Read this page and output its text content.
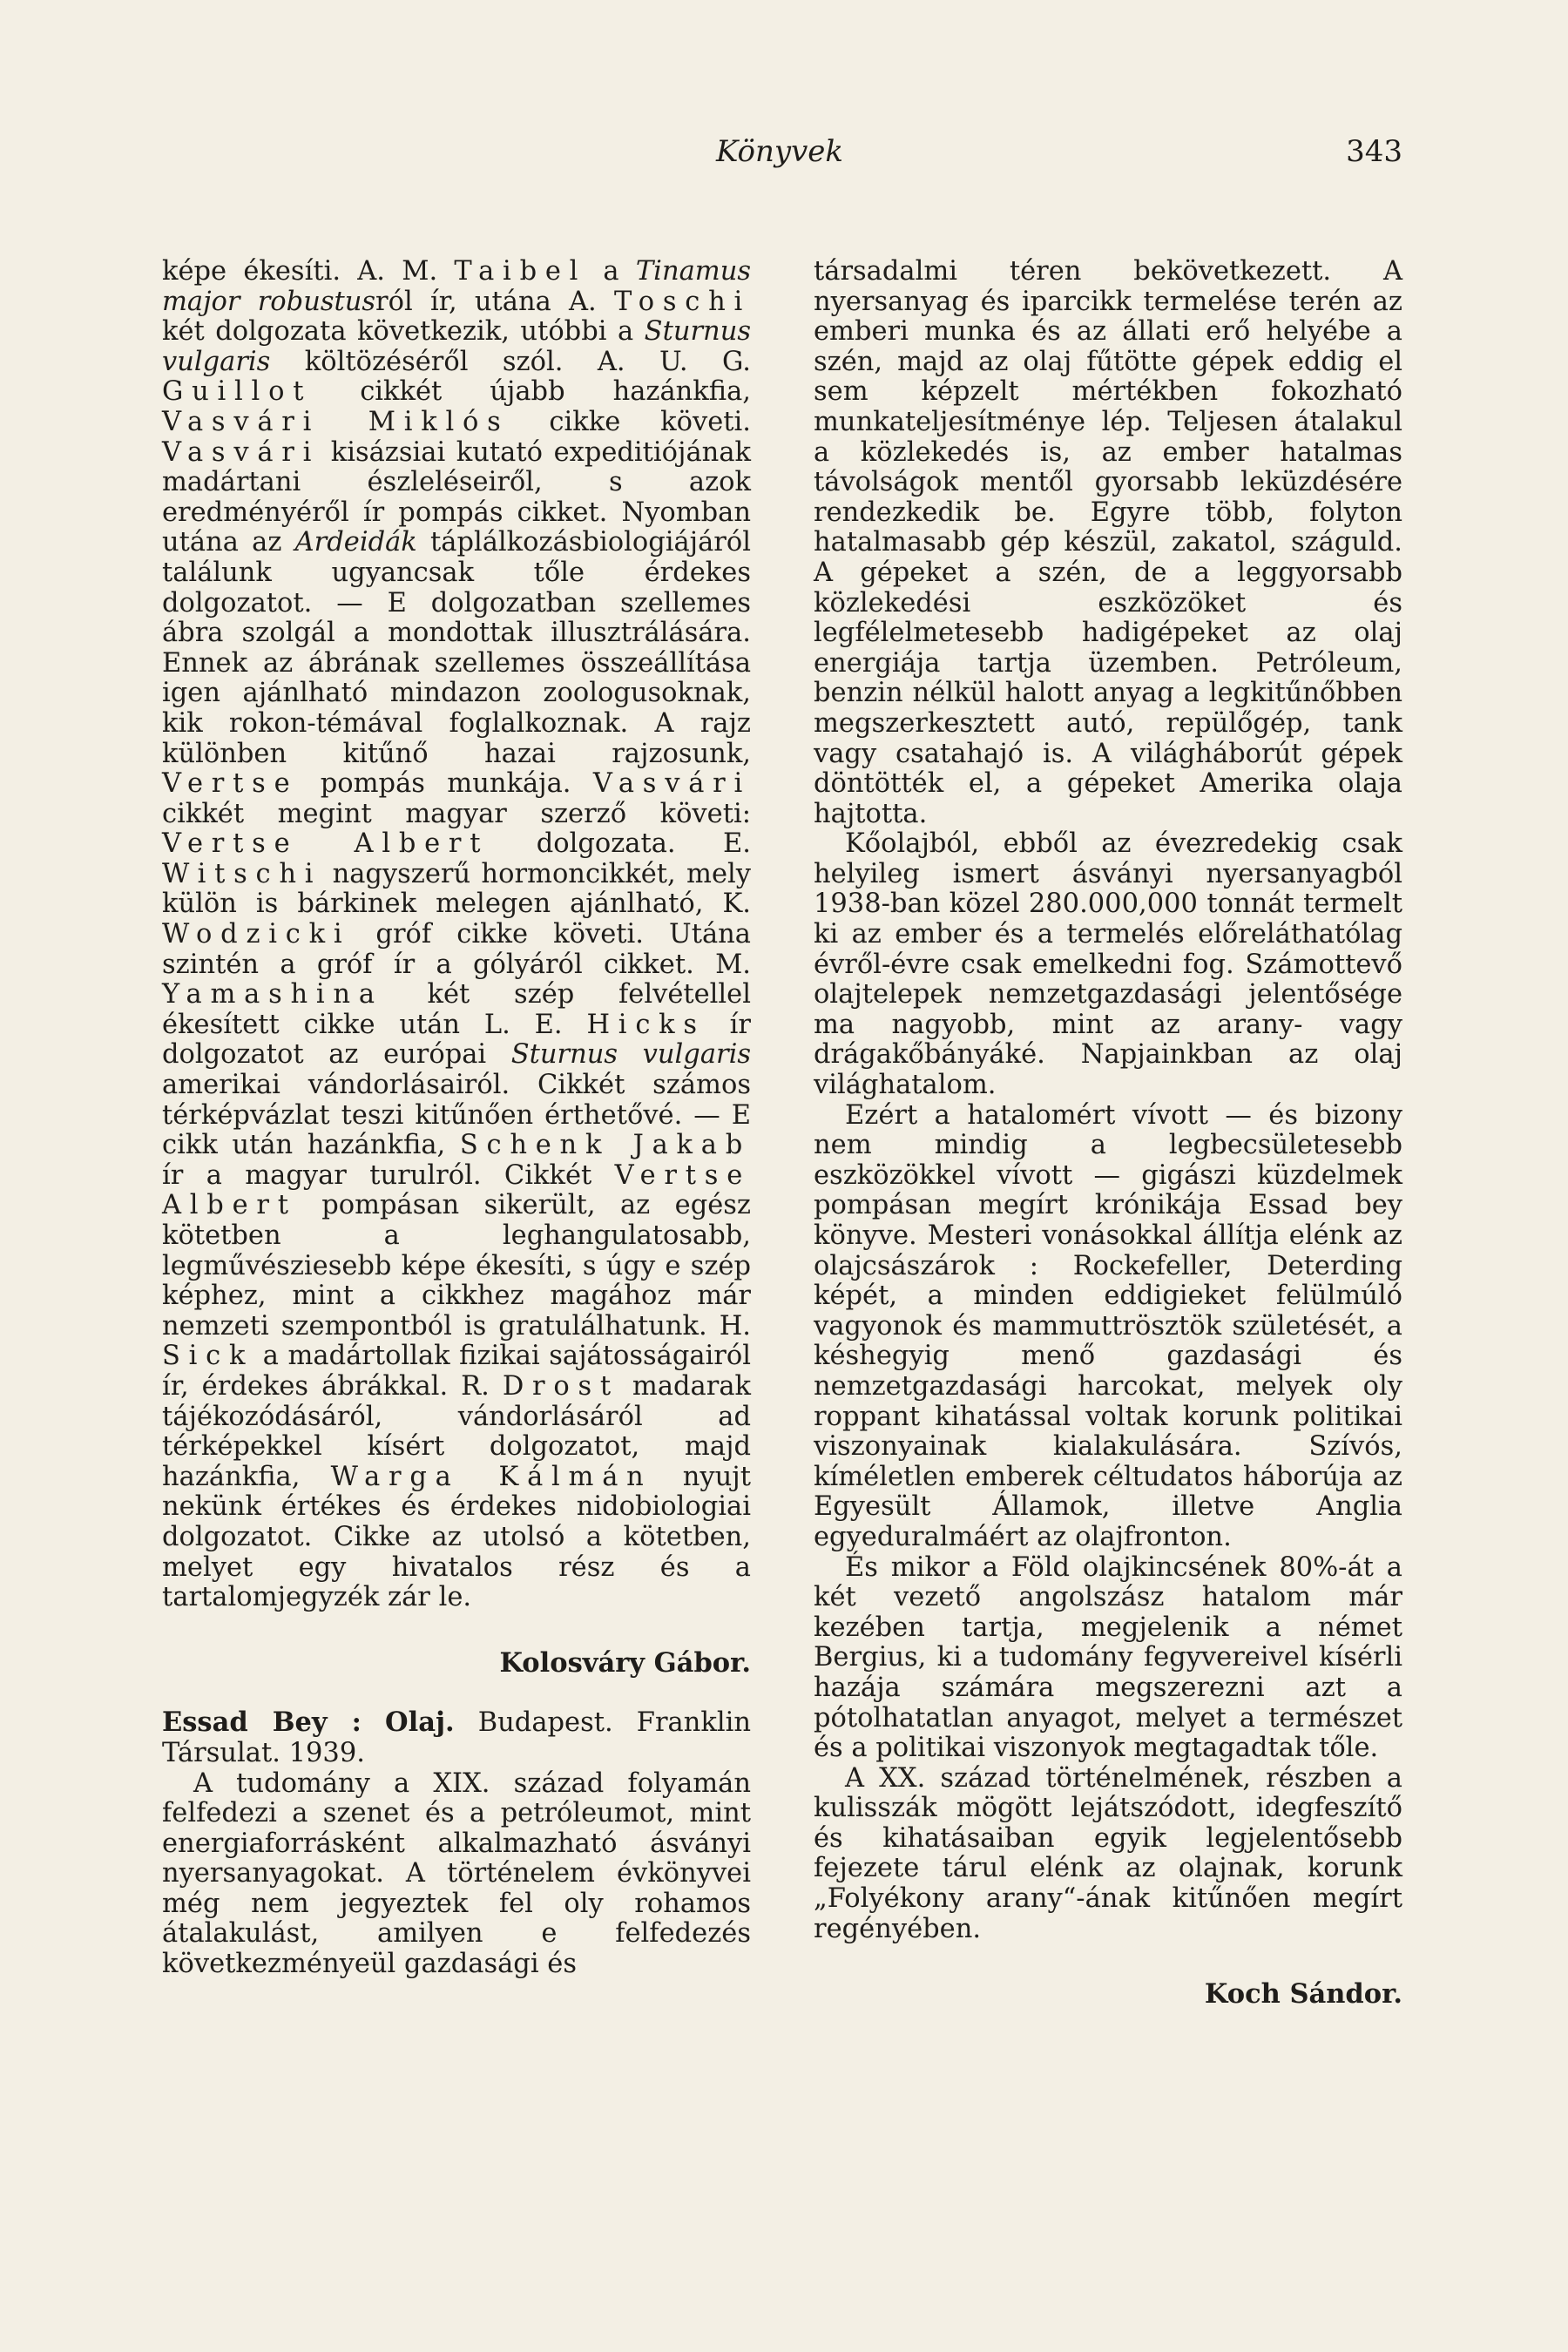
Könyvek	343

képe ékesíti. A. M. Taibel a Tinamus major robustusról ír, utána A. Toschi két dolgozata következik, utóbbi a Sturnus vulgaris költözéséről szól. A. U. G. Guillot cikkét újabb hazánkfia, Vasvári Miklós cikke követi. Vasvári kisázsiai kutató expeditiójának madártani észleléseiről, s azok eredményéről ír pompás cikket. Nyomban utána az Ardeidák táplálkozásbiologiájáról találunk ugyancsak tőle érdekes dolgozatot. — E dolgozatban szellemes ábra szolgál a mondottak illusztrálására. Ennek az ábrának szellemes összeállítása igen ajánlható mindazon zoologusoknak, kik rokon-témával foglalkoznak. A rajz különben kitűnő hazai rajzosunk, Vertse pompás munkája. Vasvári cikkét megint magyar szerző követi: Vertse Albert dolgozata. E. Witschi nagyszerű hormoncikkét, mely külön is bárkinek melegen ajánlható, K. Wodzicki gróf cikke követi. Utána szintén a gróf ír a gólyáról cikket. M. Yamashina két szép felvétellel ékesített cikke után L. E. Hicks ír dolgozatot az európai Sturnus vulgaris amerikai vándorlásairól. Cikkét számos térképvázlat teszi kitűnően érthetővé. — E cikk után hazánkfia, Schenk Jakab ír a magyar turulról. Cikkét Vertse Albert pompásan sikerült, az egész kötetben a leghangulatosabb, legművésziesebb képe ékesíti, s úgy e szép képhez, mint a cikkhez magához már nemzeti szempontból is gratulálhatunk. H. Sick a madártollak fizikai sajátosságairól ír, érdekes ábrákkal. R. Drost madarak tájékozódásáról, vándorlásáról ad térképekkel kísért dolgozatot, majd hazánkfia, Warga Kálmán nyujt nekünk értékes és érdekes nidobiologiai dolgozatot. Cikke az utolsó a kötetben, melyet egy hivatalos rész és a tartalomjegyzék zár le.

Kolosváry Gábor.

Essad Bey : Olaj. Budapest. Franklin Társulat. 1939.

A tudomány a XIX. század folyamán felfedezi a szenet és a petróleumot, mint energiaforrásként alkalmazható ásványi nyersanyagokat. A történelem évkönyvei még nem jegyeztek fel oly rohamos átalakulást, amilyen e felfedezés következményeül gazdasági és

társadalmi téren bekövetkezett. A nyersanyag és iparcikk termelése terén az emberi munka és az állati erő helyébe a szén, majd az olaj fűtötte gépek eddig el sem képzelt mértékben fokozható munkateljesítménye lép. Teljesen átalakul a közlekedés is, az ember hatalmas távolságok mentől gyorsabb leküzdésére rendezkedik be. Egyre több, folyton hatalmasabb gép készül, zakatol, száguld. A gépeket a szén, de a leggyorsabb közlekedési eszközöket és legfélelmetesebb hadigépeket az olaj energiája tartja üzemben. Petróleum, benzin nélkül halott anyag a legkitűnőbben megszerkesztett autó, repülőgép, tank vagy csatahajó is. A világháborút gépek döntötték el, a gépeket Amerika olaja hajtotta.

Kőolajból, ebből az évezredekig csak helyileg ismert ásványi nyersanyagból 1938-ban közel 280.000,000 tonnát termelt ki az ember és a termelés előreláthatólag évről-évre csak emelkedni fog. Számottevő olajtelepek nemzetgazdasági jelentősége ma nagyobb, mint az arany- vagy drágakőbányáké. Napjainkban az olaj világhatalom.

Ezért a hatalomért vívott — és bizony nem mindig a legbecsületesebb eszközökkel vívott — gigászi küzdelmek pompásan megírt krónikája Essad bey könyve. Mesteri vonásokkal állítja elénk az olajcsászárok : Rockefeller, Deterding képét, a minden eddigieket felülmúló vagyonok és mammuttrösztök születését, a késhegyig menő gazdasági és nemzetgazdasági harcokat, melyek oly roppant kihatással voltak korunk politikai viszonyainak kialakulására. Szívós, kíméletlen emberek céltudatos háborúja az Egyesült Államok, illetve Anglia egyeduralmáért az olajfronton.

És mikor a Föld olajkincsének 80%-át a két vezető angolszász hatalom már kezében tartja, megjelenik a német Bergius, ki a tudomány fegyvereivel kísérli hazája számára megszerezni azt a pótolhatatlan anyagot, melyet a természet és a politikai viszonyok megtagadtak tőle.

A XX. század történelmének, részben a kulisszák mögött lejátszódott, idegfeszítő és kihatásaiban egyik legjelentősebb fejezete tárul elénk az olajnak, korunk „Folyékony arany“-ának kitűnően megírt regényében.

Koch Sándor.
